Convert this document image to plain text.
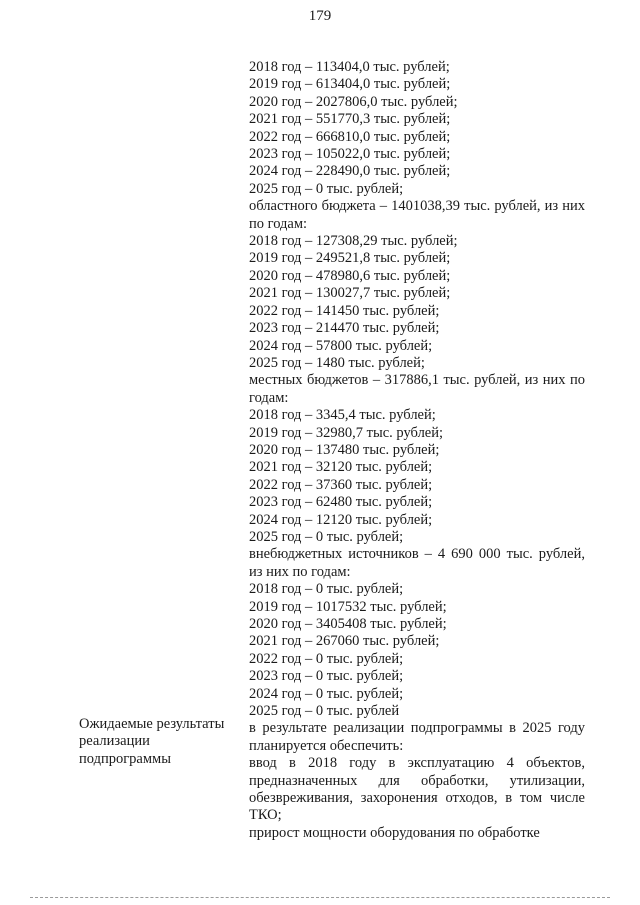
179
2018 год – 113404,0 тыс. рублей;
2019 год – 613404,0 тыс. рублей;
2020 год – 2027806,0 тыс. рублей;
2021 год – 551770,3 тыс. рублей;
2022 год – 666810,0 тыс. рублей;
2023 год – 105022,0 тыс. рублей;
2024 год – 228490,0 тыс. рублей;
2025 год – 0 тыс. рублей;
областного бюджета – 1401038,39 тыс. рублей, из них по годам:
2018 год – 127308,29 тыс. рублей;
2019 год – 249521,8 тыс. рублей;
2020 год – 478980,6 тыс. рублей;
2021 год – 130027,7 тыс. рублей;
2022 год – 141450 тыс. рублей;
2023 год – 214470 тыс. рублей;
2024 год – 57800 тыс. рублей;
2025 год – 1480 тыс. рублей;
местных бюджетов – 317886,1 тыс. рублей, из них по годам:
2018 год – 3345,4 тыс. рублей;
2019 год – 32980,7 тыс. рублей;
2020 год – 137480 тыс. рублей;
2021 год – 32120 тыс. рублей;
2022 год – 37360 тыс. рублей;
2023 год – 62480 тыс. рублей;
2024 год – 12120 тыс. рублей;
2025 год – 0 тыс. рублей;
внебюджетных источников – 4 690 000 тыс. рублей, из них по годам:
2018 год – 0 тыс. рублей;
2019 год – 1017532 тыс. рублей;
2020 год – 3405408 тыс. рублей;
2021 год – 267060 тыс. рублей;
2022 год – 0 тыс. рублей;
2023 год – 0 тыс. рублей;
2024 год – 0 тыс. рублей;
2025 год – 0 тыс. рублей
в результате реализации подпрограммы в 2025 году планируется обеспечить:
ввод в 2018 году в эксплуатацию 4 объектов, предназначенных для обработки, утилизации, обезвреживания, захоронения отходов, в том числе ТКО;
прирост мощности оборудования по обработке
Ожидаемые результаты реализации подпрограммы
